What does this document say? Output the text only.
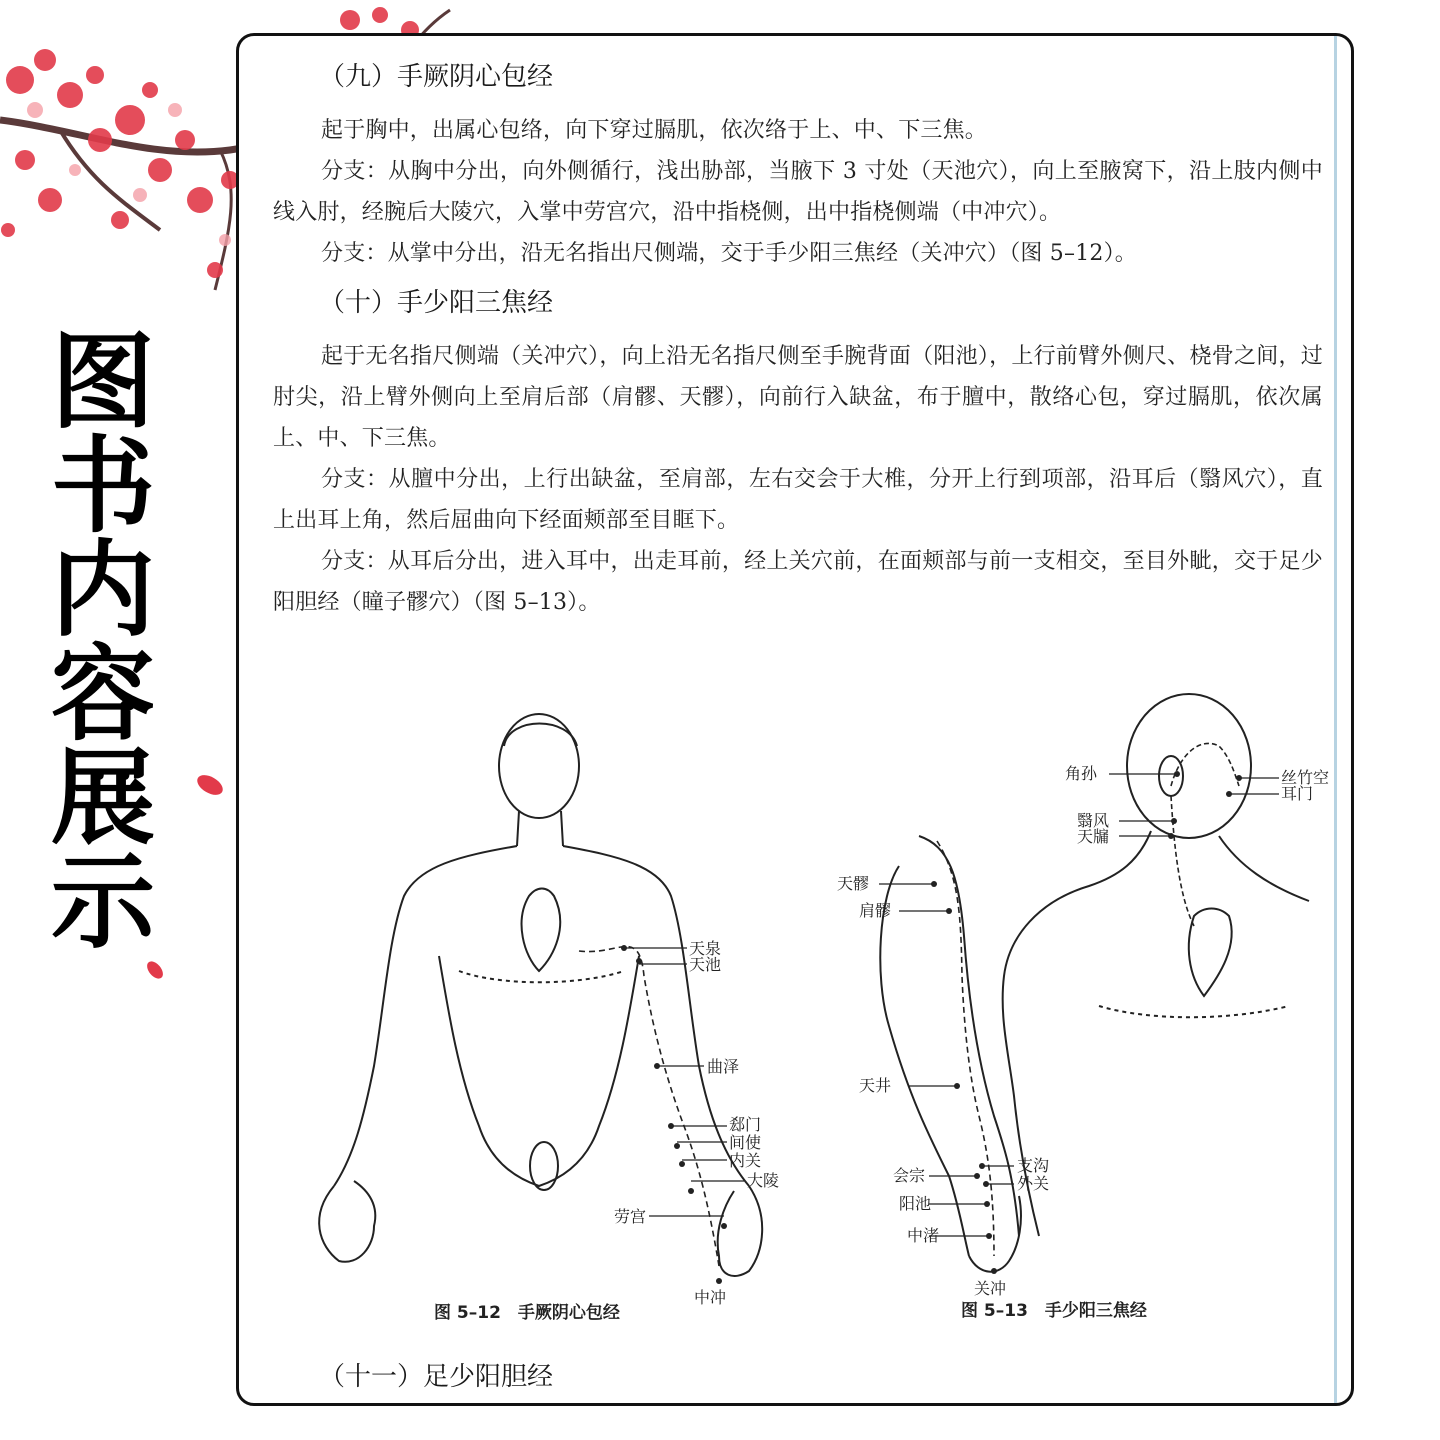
图
书
内
容
展
示
（九）手厥阴心包经

起于胸中，出属心包络，向下穿过膈肌，依次络于上、中、下三焦。

分支：从胸中分出，向外侧循行，浅出胁部，当腋下 3 寸处（天池穴），向上至腋窝下，沿上肢内侧中线入肘，经腕后大陵穴，入掌中劳宫穴，沿中指桡侧，出中指桡侧端（中冲穴）。

分支：从掌中分出，沿无名指出尺侧端，交于手少阳三焦经（关冲穴）（图 5–12）。

（十）手少阳三焦经

起于无名指尺侧端（关冲穴），向上沿无名指尺侧至手腕背面（阳池），上行前臂外侧尺、桡骨之间，过肘尖，沿上臂外侧向上至肩后部（肩髎、天髎），向前行入缺盆，布于膻中，散络心包，穿过膈肌，依次属上、中、下三焦。

分支：从膻中分出，上行出缺盆，至肩部，左右交会于大椎，分开上行到项部，沿耳后（翳风穴），直上出耳上角，然后屈曲向下经面颊部至目眶下。

分支：从耳后分出，进入耳中，出走耳前，经上关穴前，在面颊部与前一支相交，至目外眦，交于足少阳胆经（瞳子髎穴）（图 5–13）。

天泉
天池
曲泽
郄门
间使
内关
大陵
劳宫
中冲
图 5–12　手厥阴心包经
天髎
肩髎
天井
支沟
外关
会宗
阳池
中渚
关冲
角孙	丝竹空
耳门
翳风
天牖
图 5–13　手少阳三焦经
（十一）足少阳胆经
